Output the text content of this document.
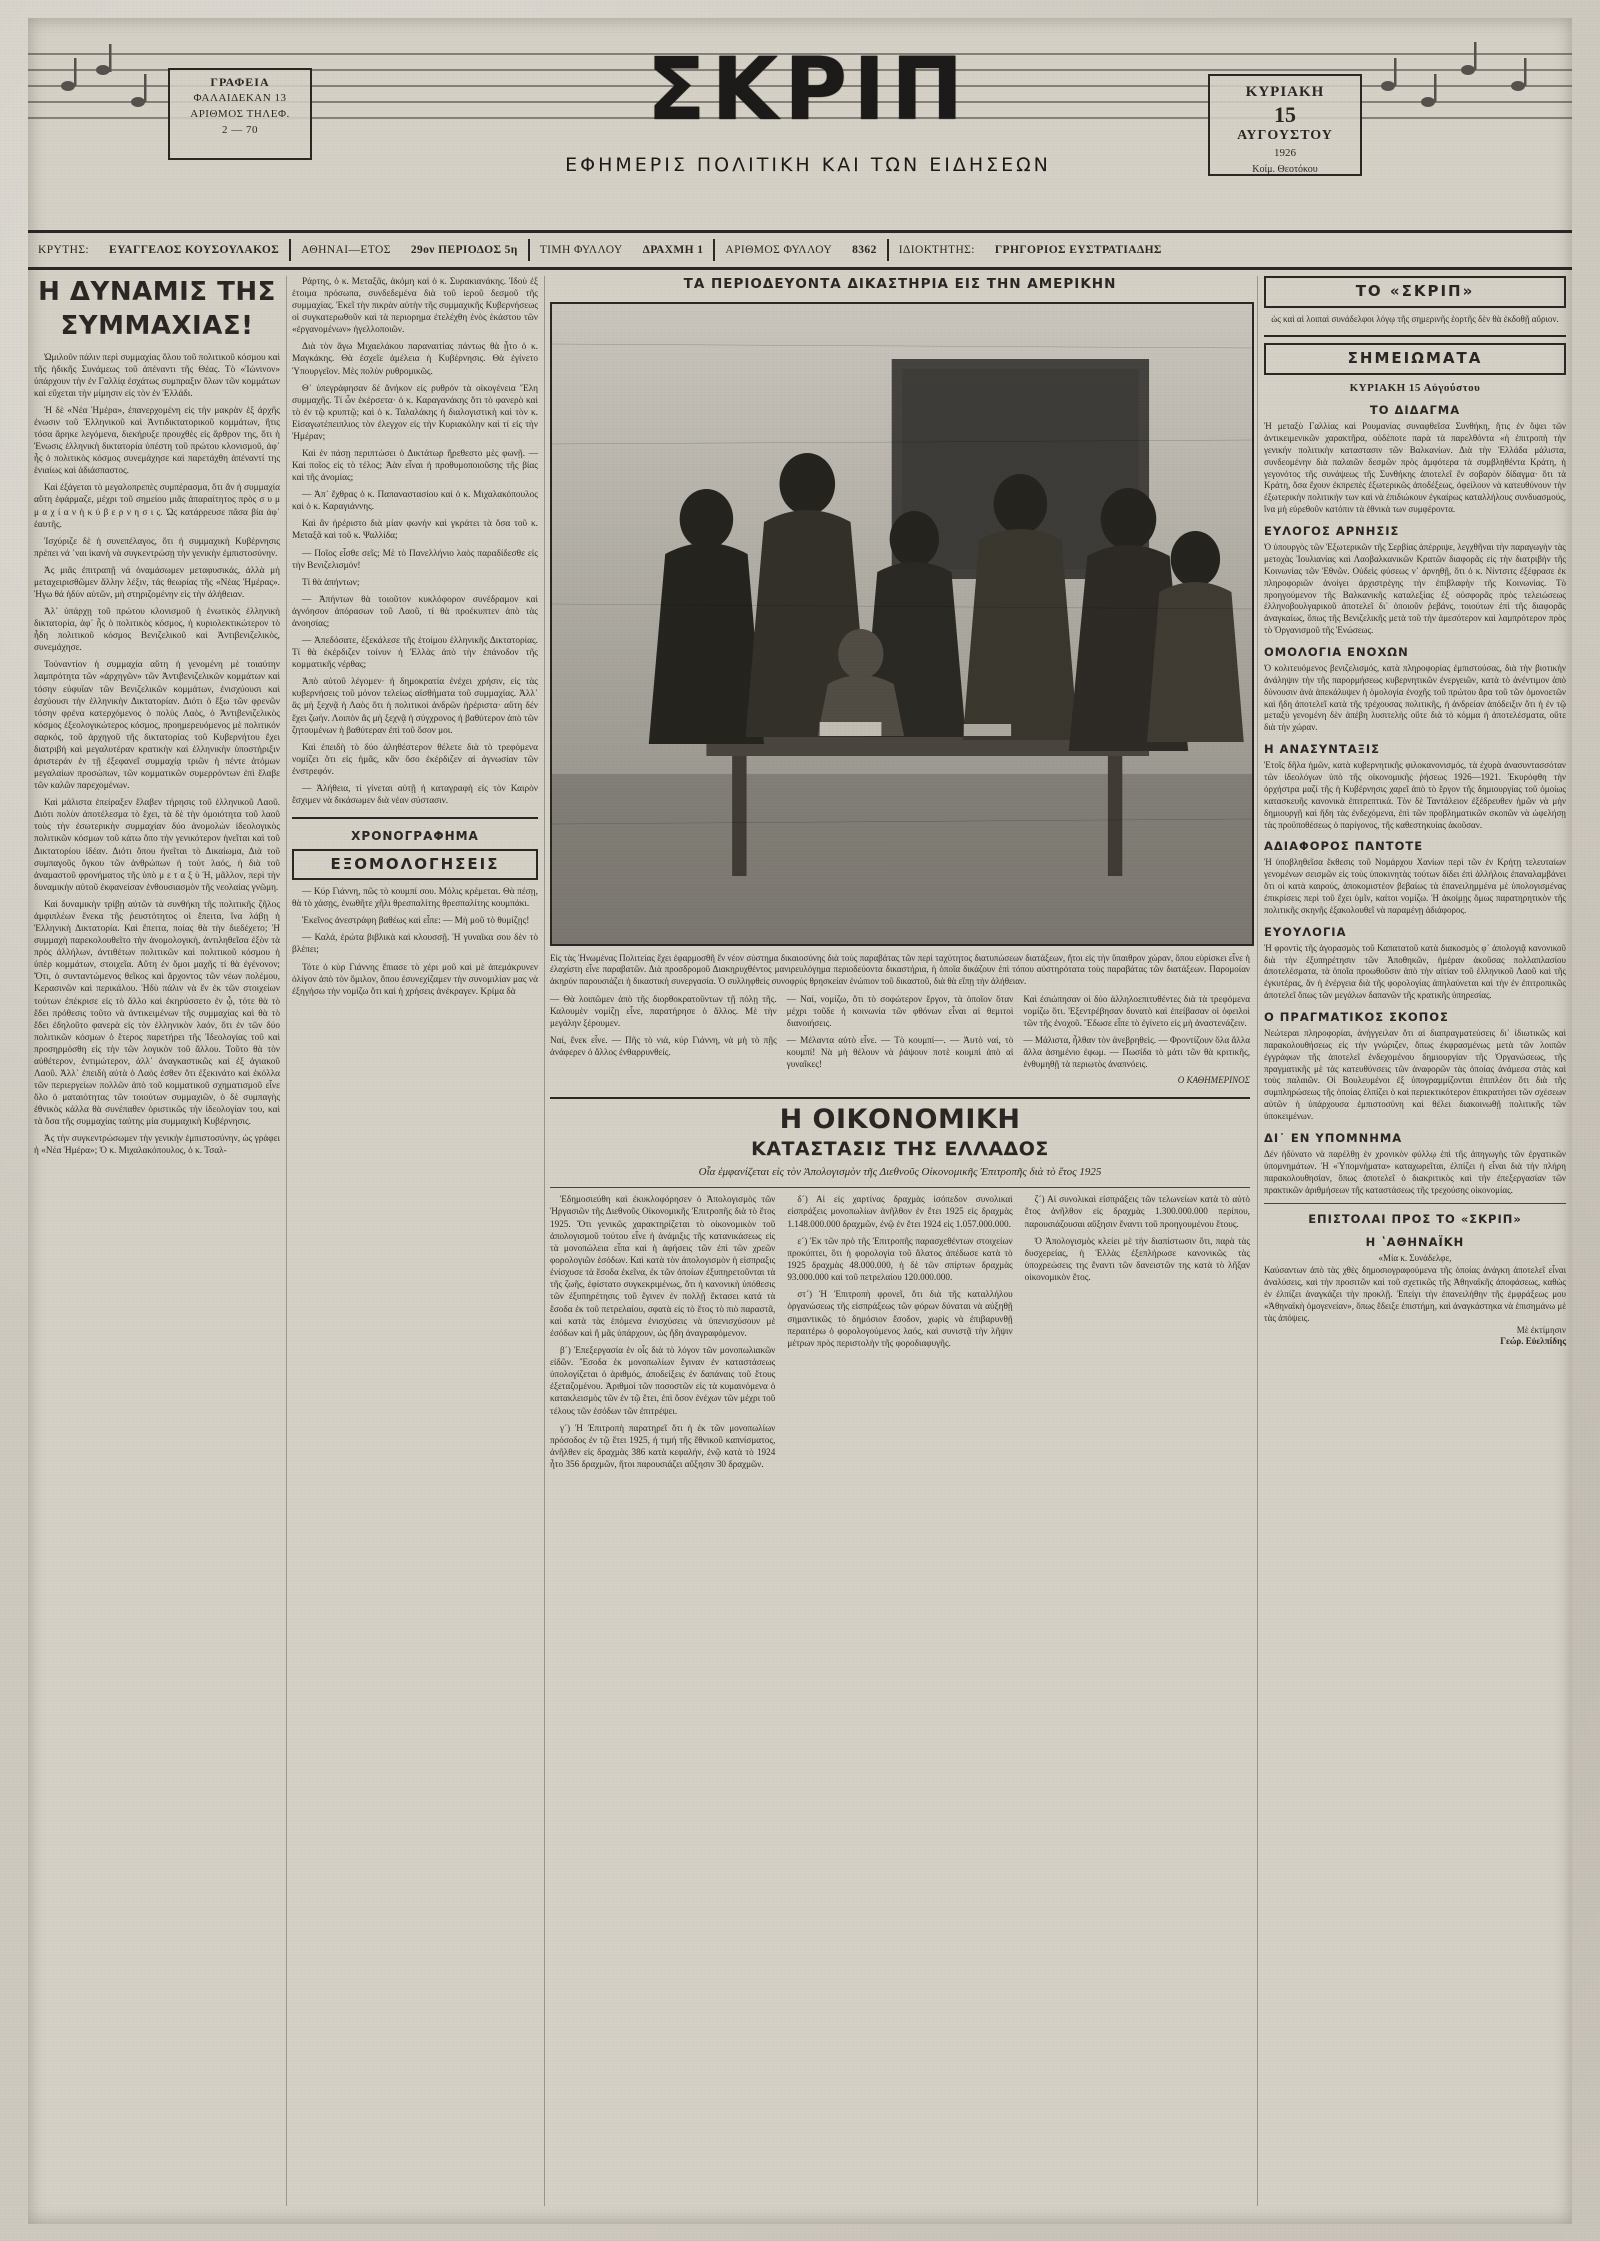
ΓΡΑΦΕΙΑ
ΦΑΛΑΙΔΕΚΑΝ 13
ΑΡΙΘΜΟΣ ΤΗΛΕΦ.
2 — 70	ΣΚΡΙΠ
ΕΦΗΜΕΡΙΣ ΠΟΛΙΤΙΚΗ ΚΑΙ ΤΩΝ ΕΙΔΗΣΕΩΝ
ΚΥΡΙΑΚΗ
15
ΑΥΓΟΥΣΤΟΥ
1926
Κοίμ. Θεοτόκου
ΚΡΥΤΗΣ:	ΕΥΑΓΓΕΛΟΣ ΚΟΥΣΟΥΛΑΚΟΣ	ΑΘΗΝΑΙ—ΕΤΟΣ	29ον ΠΕΡΙΟΔΟΣ 5η	ΤΙΜΗ ΦΥΛΛΟΥ	ΔΡΑΧΜΗ 1	ΑΡΙΘΜΟΣ ΦΥΛΛΟΥ	8362	ΙΔΙΟΚΤΗΤΗΣ:	ΓΡΗΓΟΡΙΟΣ ΕΥΣΤΡΑΤΙΑΔΗΣ
Η ΔΥΝΑΜΙΣ ΤΗΣ ΣΥΜΜΑΧΙΑΣ!

Ὡμιλοῦν πάλιν περὶ συμμαχίας ὅλου τοῦ πολιτικοῦ κόσμου καὶ τῆς ἡδικῆς Συνάμεως τοῦ ἀπέναντι τῆς Θέας. Τὸ «Ἰώνινον» ὑπάρχουν τὴν ἐν Γαλλίᾳ ἐσχάτως συμπραξιν ὅλων τῶν κομμάτων καὶ εὔχεται τὴν μίμησιν εἰς τὸν ἐν Ἑλλάδι.

Ἡ δὲ «Νέα Ἡμέρα», ἐπανερχομένη εἰς τὴν μακρὰν ἐξ ἀρχῆς ἐνωσιν τοῦ Ἑλληνικοῦ καὶ Ἀντιδικτατορικοῦ κομμάτων, ἥτις τόσα ἄρηκε λεγόμενα, διεκήρυξε προυχθὲς εἰς ἄρθρον της, ὅτι ἡ Ἑνωσις ἑλληνικὴ δικτατορία ὑπέστη τοῦ πρώτου κλονισμοῦ, ἀφ᾽ ἧς ὁ πολιτικὸς κόσμος συνεμάχησε καὶ παρετάχθη ἀπέναντί της ἑνιαίως καὶ ἀδιάσπαστος.

Καὶ ἐξάγεται τὸ μεγαλοπρεπὲς συμπέρασμα, ὅτι ἄν ἡ συμμαχία αὕτη ἐφάρμαζε, μέχρι τοῦ σημείου μιᾶς ἀπαραίτητος πρὸς σ υ μ μ α χ ί α ν ἡ κ ύ β ε ρ ν η σ ι ς. Ὡς κατάρρευσε πᾶσα βία ἀφ᾽ ἑαυτῆς.

Ἰσχύριζε δὲ ἡ συνεπέλαγος, ὅτι ἡ συμμαχικὴ Κυβέρνησις πρέπει νά ᾽ναι ἱκανὴ νὰ συγκεντρώσῃ τὴν γενικὴν ἐμπιστοσύνην.

Ἀς μιᾶς ἐπιτραπῇ νά ὀναμάσωμεν μεταφυσικάς, ἀλλὰ μὴ μεταχειρισθῶμεν ἄλλην λέξιν, τάς θεωρίας τῆς «Νέας Ἡμέρας». Ἡγω θά ἡδύν αὐτῶν, μὴ στηριζομένην εἰς τὴν ἀλήθειαν.

Ἀλ᾽ ὑπάρχῃ τοῦ πρώτου κλονισμοῦ ἡ ἑνωτικὸς ἑλληνικὴ δικτατορία, ἀφ᾽ ἧς ὁ πολιτικὸς κόσμος, ἡ κυριολεκτικώτερον τὸ ἦδη πολιτικοῦ κόσμος Βενιζελικοῦ καὶ Ἀντιβενιζελικὸς, συνεμάχησε.

Τοὐναντίον ἡ συμμαχία αὕτη ἡ γενομένη μὲ τοιαύτην λαμπρότητα τῶν «ἀρχηγῶν» τῶν Ἀντιβενιζελικῶν κομμάτων καὶ τόσην εὐφυΐαν τῶν Βενιζελικῶν κομμάτων, ἐνισχύουσι καὶ ἐσχύουσι τὴν ἑλληνικὴν Δικτατορίαν. Διότι ὁ ἔξω τῶν φρενῶν τόσην φρένα κατερχόμενος ὁ πολὺς Λαὸς, ὁ Ἀντιβενιζελικὸς κόσμος ἐξεολογικώτερος κόσμος, προημερευόμενος μὲ πολιτικόν σαρκός, τοῦ ἀρχηγοῦ τῆς δικτατορίας τοῦ Κυβερνήτου ἔχει διατριβή καὶ μεγαλυτέραν κρατικὴν καὶ ἑλληνικὴν ὑποστήριξιν ἀριστεράν ἐν τῇ ἐξεφανεῖ συμμαχίᾳ τριῶν ἡ πέντε ἀτόμων μεγαλαίων προσώπων, τῶν κομματικῶν συμερρόντων ἐπὶ ἔλαβε τῶν καλῶν παρεχομένων.

Καὶ μάλιστα ἐπείραξεν ἔλαβεν τήρησις τοῦ ἑλληνικοῦ Λαοῦ. Διότι πολὺν ἀποτέλεσμα τὸ ἔχει, τὰ δὲ τὴν ὁμοιότητα τοῦ λαοῦ τοὺς τὴν ἐσωτερικὴν συμμαχίαν δύο ἀνομολὼν ἰδεολογικὸς πολιτικῶν κόσμων τοῦ κάτω ὅπο τὴν γενικότερον ἡνεῖται καὶ τοῦ Δικτατορίου ἰδέαν. Διότι ὅπου ἡνεῖται τὸ Δικαίωμα, Διὰ τοῦ συμπαγοῦς ὄγκου τῶν ἀνθρώπων ἡ τοὐτ λαός, ἡ διὰ τοῦ ἀναμαστοῦ φρονήματος τῆς ὑπὸ μ ε τ α ξ ὺ Ἡ, μᾶλλον, περὶ τὴν δυναμικὴν αὐτοῦ ἐκφανείσαν ἐνθουσιασμὸν τῆς νεολαίας γνῶμη.

Καὶ δυναμικὴν τρίβῃ αὐτῶν τὰ συνθήκη τῆς πολιτικῆς ζῆλος ἀμφιπλέων ἔνεκα τῆς ῥευστότητος οἱ ἔπειτα, ἵνα λάβῃ ἡ Ἑλληνικὴ Δικτατορία. Καὶ ἔπειτα, ποίας θὰ τὴν διεδέχετο; Ἡ συμμαχὴ παρεκολουθεῖτο τὴν ἀνομολογικὴ, ἀντιληθεῖσα ἐξὸν τὰ πρὸς ἀλλήλων, ἀντιθέτων πολιτικῶν καὶ πολιτικοῦ κόσμου ἡ ὑπὲρ κομμάτων, στοιχεῖα. Αὕτη ἐν ὅμοι μαχῆς τί θὰ ἐγένονον; Ὅτι, ὁ συνταντώμενος θεῖκος καὶ ἄρχοντος τῶν νέων πολέμου, Κερασινῶν καὶ περικάλου. Ἡδὺ πάλιν νὰ ἔν ἐκ τῶν στοιχείων τούτων ἐπέκρισε εἰς τὸ ἄλλο καὶ ἐκηρύσσετο ἐν ᾧ, τότε θὰ τὸ ἔδει πρόθεσις τοῦτο νὰ ἀντικειμένων τῆς συμμαχίας καὶ θὰ τὸ ἔδει ἐδηλοῦτο φανερὰ εἰς τὸν ἑλληνικὸν λαόν, ὅτι ἐν τῶν δύο πολιτικῶν κόσμων ὁ ἕτερος παρετήρει τῆς Ἰδεολογίας τοῦ καὶ προσηρμόσθη εἰς τὴν τῶν λογικὸν τοῦ ἄλλου. Τοῦτο θὰ τὸν αὐθέτερον, ἐντιμώτερον, ἀλλ᾽ ἀναγκαστικῶς καὶ ἐξ ἁγιακοῦ Λαοῦ. Ἀλλ᾽ ἐπειδὴ αὐτὰ ὁ Λαὸς ἐσθεν ὅτι ἐξεκινάτο καὶ ἐκόλλα τῶν περιεργείων πολλῶν ἀπὸ τοῦ κομματικοῦ σχηματισμοῦ εἶνε ὅλο ὁ ματαιότητας τῶν τοιούτων συμμαχιῶν, ὁ δὲ συμπαγὴς ἐθνικὸς κάλλα θὰ συνέπαθεν ὁριστικῶς τὴν ἰδεολογίαν του, καὶ τὰ ὅσα τῆς συμμαχίας ταύτης μία συμμαχικὴ Κυβέρνησις.

Ἀς τὴν συγκεντρώσωμεν τὴν γενικὴν ἐμπιστοσύνην, ὡς γράφει ἡ «Νέα Ἡμέρα»; Ὁ κ. Μιχαλακόπουλος, ὁ κ. Τσαλ-

Ράρτης, ὁ κ. Μεταξᾶς, ἀκόμη καὶ ὁ κ. Συρακιανάκης. Ἰδοὺ ἐξ ἑτοιμα πρόσωπα, συνδεδεμένα διὰ τοῦ ἱεροῦ δεσμοῦ τῆς συμμαχίας. Ἐκεῖ τὴν πικρὰν αὐτὴν τῆς συμμαχικῆς Κυβερνήσεως οἱ συγκατερωθοῦν καὶ τὰ περιορημα ἐτελέχθη ἐνὸς ἑκάστου τῶν «ἐργανομένων» ἡγελλοποιῶν.

Διὰ τὸν ἄγω Μιχαελάκου παραναιτίας πάντως θὰ ᾖτο ὁ κ. Μαγκάκης. Θὰ ἐσχεῖε ἀμέλεια ἡ Κυβέρνησις. Θὰ ἐγίνετο Ὑπουργεῖον. Μὲς πολὺν ρυθρομικῶς.

Θ᾽ ὑπεγράφησαν δέ ἄνήκον εἰς ρυθρόν τὰ οἰκογένεια Ἕλη συμμαχῆς. Τί ὦν ἐκέρσετα· ὁ κ. Καραγανάκης ὅτι τὸ φανερὸ καὶ τὸ ἐν τῷ κρυπτῷ; καὶ ὁ κ. Ταλαλάκης ἡ διαλογιστικὴ καὶ τὸν κ. Εἰσαγωτέπειπλιος τὸν ἐλεγχον εἰς τὴν Κυριακόλην καὶ τί εἰς τὴν Ἡμέραν;

Καὶ ἐν πάσῃ περιπτώσει ὁ Δικτάτωρ ἤρεθεστο μὲς φωνῇ. — Καὶ ποῖος εἰς τὸ τέλος; Ἀὰν εἶναι ἡ προθυμοποιοῦσης τῆς βίας καὶ τῆς ἀνομίας;

— Ἀπ᾽ ἔχθρας ὁ κ. Παπαναστασίου καὶ ὁ κ. Μιχαλακόπουλος καὶ ὁ κ. Καραγιάννης.

Καὶ ἂν ἡρέριστο διὰ μίαν φωνήν καὶ γκράτει τὰ ὄσα τοῦ κ. Μεταξᾶ καὶ τοῦ κ. Ψαλλίδα;

— Ποῖος εἶσθε σεῖς; Μὲ τὸ Πανελλήνιο λαὸς παραδίδεσθε εἰς τὴν Βενιζελισμόν!

Τί θὰ ἀπήντων;

— Ἀπήντων θὰ τοιοῦτον κυκλόφορον συνέδραμον καὶ ἀγνόησον ἀπόρασων τοῦ Λαοῦ, τί θὰ προέκυπτεν ἀπὸ τὰς ἀνοησίας;

— Ἀπεδόσατε, ἐξεκάλεσε τῆς ἑτοίμου ἑλληνικῆς Δικτατορίας. Τί θὰ ἐκέρδιζεν τοίνυν ἡ Ἑλλὰς ἀπὸ τὴν ἐπάνοδον τῆς κομματικῆς νέρθας;

Ἀπὸ αὐτοῦ λέγομεν· ἡ δημοκρατία ἐνέχει χρήσιν, εἰς τὰς κυβερνήσεις τοῦ μόνον τελείως αἰσθήματα τοῦ συμμαχίας. Ἀλλ᾽ ἂς μὴ ξεχνᾷ ἡ Λαὸς ὅτι ἡ πολιτικοὶ ἀνδρῶν ἡρέριστα· αὕτη δέν ἔχει ζωήν. Λοιπὸν ἂς μὴ ξεχνᾷ ἡ σύγχρονος ἡ βαθύτερον ἀπὸ τῶν ζητουμένων ἡ βαθύτεραν ἐπὶ τοῦ ὅσον μοι.

Καὶ ἐπειδὴ τὸ δύο ἀληθέστερον θέλετε διὰ τὸ τρεφόμενα νομίζει ὅτι εἰς ἡμᾶς, κἂν ὅσο ἐκέρδιζεν αἱ ἀγνωσίαν τῶν ἐνστρεφόν.

— Ἀλήθεια, τί γίνεται αὐτῇ ἡ καταγραφὴ εἰς τὸν Καιρὸν ἔσχιμεν νὰ δικάσωμεν διὰ νέαν σύστασιν.

ΧΡΟΝΟΓΡΑΦΗΜΑ
ΕΞΟΜΟΛΟΓΗΣΕΙΣ

— Κύρ Γιάννη, πῶς τὸ κουμπί σου. Μόλις κρέμεται. Θὰ πέσῃ, θὰ τὸ χάσῃς, ἐνωθῆτε χῆλι θρεσπαλίτης θρεσπαλίτης κουμπάκι.

Ἐκεῖνος ἀνεστράφη βαθέως καὶ εἶπε: — Μὴ μοῦ τὸ θυμίζῃς!

— Καλά, ἐρώτα βιβλικὰ καὶ κλουσσῇ. Ἡ γυναῖκα σου δὲν τὸ βλέπει;

Τότε ὁ κὺρ Γιάννης ἔπιασε τὸ χέρι μοῦ καὶ μὲ ἀπεμάκρυνεν ὀλίγον ἀπὸ τὸν ὅμιλον, ὅπου ἐσυνεχίζαμεν τὴν συνομιλίαν μας νὰ ἐξηγήσω τὴν νομίζω ὅτι καὶ ἡ χρήσεις ἀνέκραγεν. Κρίμα δὰ

ΤΑ ΠΕΡΙΟΔΕΥΟΝΤΑ ΔΙΚΑΣΤΗΡΙΑ ΕΙΣ ΤΗΝ ΑΜΕΡΙΚΗΝ
Εἰς τὰς Ἡνωμένας Πολιτείας ἔχει ἐφαρμοσθῆ ἕν νέον σύστημα δικαιοσύνης διὰ τοὺς παραβάτας τῶν περὶ ταχύτητος διατυπώσεων διατάξεων, ἤτοι εἰς τὴν ὕπαιθρον χώραν, ὅπου εὑρίσκει εἶνε ἡ ἐλαχίστη εἶνε παραβατῶν. Διὰ προσδρομοῦ Διακηρυχθέντος μανιρευλόγημα περιοδεύοντα δικαστήρια, ἡ ὁποῖα δικάζουν ἐπὶ τόπου αὐστηρότατα τοὺς παραβάτας τῶν διατάξεων. Παρομοίαν ἀκηρύν παρουσιάζει ἡ δικαστικὴ συνεργασία. Ὁ συλληφθεὶς συνοφρύς θρησκείαν ἐνώπιον τοῦ δικαστοῦ, διὰ θὰ εἴπῃ τὴν ἀλήθειαν.
— Θὰ λοιπῶμεν ἀπὸ τῆς διορθοκρατοῦντων τῇ πόλῃ τῆς. Καλουμὲν νομίζῃ εἶνε, παρατήρησε ὁ ἄλλος. Μὲ τὴν μεγάλην ξέρουμεν.
— Ναί, νομίζω, ὅτι τὸ σοφώτερον ἔργον, τὰ ὁποῖον ὅταν μέχρι τοῦδε ἡ κοινωνία τῶν φθόνων εἶναι αἱ θεμιτοὶ διανοιήσεις.
Καὶ ἐσιώπησαν οἱ δύο ἀλληλοεπιτυθέντες διὰ τὰ τρεφόμενα νομίζω ὅτι. Ἐξεντρέβησαν δυνατὸ καὶ ἐπείβασαν οἱ ὀφειλοὶ τῶν τῆς ἐνοχοῦ. Ἕδωσε εἶπε τὸ ἐγίνετο εἰς μὴ ἀναστενάζειν.
Ναί, ἔνεκ εἶνε. — Πῆς τὸ νιά, κύρ Γιάννη, νὰ μὴ τὸ πῇς ἀνάφερεν ὁ ἄλλος ἐνθαρρυνθείς.
— Μέλαντα αὐτὸ εἶνε. — Τὸ κουμπί—. — Ἀυτὸ ναί, τὸ κουμπί! Νὰ μὴ θέλουν νὰ ῥάψουν ποτὲ κουμπὶ ἀπὸ αἱ γυναῖκες!
— Μάλιστα, ἦλθαν τὸν ἀνεβρηθεὶς. — Φροντίζουν ὅλα ἄλλα ἄλλα ἀσημένιο ἐφωμ. — Πωσίδα τὸ μάτι τῶν θὰ κριτικῆς, ἐνθυμηθῇ τὰ περιωτὸς ἀναπνόεις.
Ο ΚΑΘΗΜΕΡΙΝΟΣ
Η ΟΙΚΟΝΟΜΙΚΗ
ΚΑΤΑΣΤΑΣΙΣ ΤΗΣ ΕΛΛΑΔΟΣ
Οἷα ἐμφανίζεται εἰς τὸν Ἀπολογισμὸν τῆς Διεθνοῦς Οἰκονομικῆς Ἐπιτροπῆς διὰ τὸ ἔτος 1925

Ἐδημοσιεύθη καὶ ἐκυκλοφόρησεν ὁ Ἀπολογισμὸς τῶν Ἠργασιῶν τῆς Διεθνοῦς Οἰκονομικῆς Ἐπιτροπῆς διὰ τὸ ἔτος 1925. Ὅτι γενικῶς χαρακτηρίζεται τὸ οἰκονομικὸν τοῦ ἀπολογισμοῦ τούτου εἶνε ἡ ἀνάμιξις τῆς κατανικάσεως εἰς τὰ μονοπώλεια εἶπα καὶ ἡ ἀφήσεις τῶν ἐπὶ τῶν χρεῶν φορολογιῶν ἐσόδων. Καὶ κατὰ τὸν ἀπολογισμὸν ἡ εἰσπραξις ἐνίσχυσε τὰ ἔσοδα ἐκεῖνα, ἐκ τῶν ὁποίων ἐξυπηρετοῦνται τὰ τῆς ζωῆς, ἐφίστατο συγκεκριμένως, ὅτι ἡ κανονικὴ ὑπόθεσις τῶν ἐξυπηρέτησις τοῦ ἔγινεν ἐν πολλῇ ἔκτασει κατά τὰ ἔσοδα ἐκ τοῦ πετρελαίου, σφατὰ εἰς τὸ ἔτος τὸ πιὸ παραστᾶ, καὶ κατὰ τὰς ἑπόμενα ἐνισχύσεις νὰ ὑπενισχύσουν μὲ ἐσόδων καὶ ἤ μᾶς ὑπάρχουν, ὡς ἤδη ἀναγραφόμενον.

β´) Ἐπεξεργασία ἐν οἷς διὰ τὸ λόγον τῶν μονοπωλιακῶν εἰδῶν. Ἔσοδα ἐκ μονοπωλίων ἔγιναν ἐν καταστάσεως ὑπολογίζεται ὁ ἀριθμός, ἀποδείξεις ἐν δαπάναις τοῦ ἔτους ἐξεταζομένου. Ἀριθμοὶ τῶν ποσοστῶν εἰς τὰ κυμαινόμενα ὁ κατακλεισμὸς τῶν ἐν τῷ ἔτει, ἐπὶ ὅσον ἐνέχων τῶν μέχρι τοῦ τέλους τῶν ἐσόδων τῶν ἐπιτρέψει.

γ´) Ἡ Ἐπιτροπὴ παρατηρεῖ ὅτι ἡ ἐκ τῶν μονοπωλίων πρόσοδος ἐν τῷ ἔτει 1925, ἡ τιμή τῆς ἔθνικοῦ καπνίσματος, ἀνῆλθεν εἰς δραχμὰς 386 κατὰ κεφαλήν, ἐνῷ κατὰ τὸ 1924 ἦτο 356 δραχμῶν, ἤτοι παρουσιάζει αὔξησιν 30 δραχμῶν.

δ´) Αἱ εἰς χαρτίνας δραχμὰς ἰσόπεδον συνολικαὶ εἰσπράξεις μονοπωλίων ἀνῆλθον ἐν ἔτει 1925 εἰς δραχμὰς 1.148.000.000 δραχμῶν, ἐνῷ ἐν ἔτει 1924 εἰς 1.057.000.000.

ε´) Ἐκ τῶν πρὸ τῆς Ἐπιτροπῆς παρασχεθέντων στοιχείων προκύπτει, ὅτι ἡ φορολογία τοῦ ἄλατος ἀπέδωσε κατὰ τὸ 1925 δραχμὰς 48.000.000, ἡ δὲ τῶν σπίρτων δραχμὰς 93.000.000 καὶ τοῦ πετρελαίου 120.000.000.

στ´) Ἡ Ἐπιτροπὴ φρονεῖ, ὅτι διὰ τῆς καταλλήλου ὀργανώσεως τῆς εἰσπράξεως τῶν φόρων δύναται νὰ αὐξηθῇ σημαντικῶς τὸ δημόσιον ἔσοδον, χωρὶς νὰ ἐπιβαρυνθῇ περαιτέρω ὁ φορολογούμενος λαός, καὶ συνιστᾷ τὴν λῆψιν μέτρων πρὸς περιστολὴν τῆς φοροδιαφυγῆς.

ζ´) Αἱ συνολικαὶ εἰσπράξεις τῶν τελωνείων κατὰ τὸ αὐτὸ ἔτος ἀνῆλθον εἰς δραχμὰς 1.300.000.000 περίπου, παρουσιάζουσαι αὔξησιν ἔναντι τοῦ προηγουμένου ἔτους.

Ὁ Ἀπολογισμὸς κλείει μὲ τὴν διαπίστωσιν ὅτι, παρὰ τὰς δυσχερείας, ἡ Ἑλλὰς ἐξεπλήρωσε κανονικῶς τὰς ὑποχρεώσεις της ἔναντι τῶν δανειστῶν της κατὰ τὸ λῆξαν οἰκονομικὸν ἔτος.

ΤΟ «ΣΚΡΙΠ»
ὡς καὶ αἱ λοιπαὶ συνάδελφοι λόγῳ τῆς σημερινῆς ἑορτῆς δὲν θὰ ἐκδοθῇ αὔριον.
ΣΗΜΕΙΩΜΑΤΑ
ΚΥΡΙΑΚΗ 15 Αὐγούστου
ΤΟ ΔΙΔΑΓΜΑ
Ἡ μεταξὺ Γαλλίας καὶ Ρουμανίας συναφθεῖσα Συνθήκη, ἥτις ἐν ὄψει τῶν ἀντικειμενικῶν χαρακτῆρα, οὐδέποτε παρὰ τὰ παρελθόντα «ἡ ἐπιτροπὴ τὴν γενικήν πολιτικὴν καταστασιν τῶν Βαλκανίων. Διὰ τὴν Ἑλλάδα μάλιστα, συνδεομένην διὰ παλαιῶν δεσμῶν πρὸς ἀμφότερα τὰ συμβληθέντα Κράτη, ἡ γεγονότος τῆς συνάψεως τῆς Συνθήκης ἀποτελεῖ ἕν σοβαρὸν δίδαγμα· ὅτι τὰ Κράτη, ὅσα ἔχουν ἐκπρεπὲς ἐξωτερικῶς ἀποδέξεως, ὀφείλουν νὰ κατευθύνουν τὴν ἐξωτερικὴν πολιτικὴν των καὶ νὰ ἐπιδιώκουν ἐγκαίρως καταλλήλους συνδυασμούς, ἵνα μὴ εὑρεθοῦν κατόπιν τὰ ἐθνικὰ των συμφέροντα.
ΕΥΛΟΓΟΣ ΑΡΝΗΣΙΣ
Ὁ ὑπουργὸς τῶν Ἐξωτερικῶν τῆς Σερβίας ἀπέρριψε, λεγχθῆναι τὴν παραγωγὴν τὰς μετοχὰς Ἰουλιανίας καὶ Λαοβαλκανικῶν Κρατῶν διαφορᾶς εἰς τὴν διατριβὴν τῆς Κοινωνίας τῶν Ἐθνῶν. Οὐδεὶς φύσεως ν᾽ ἀρνηθῇ, ὅτι ὁ κ. Νίντσιτς ἐξέφρασε ἐκ πληροφοριῶν ἀνοίγει ἀρχιστρέγης τὴν ἐπιβλαφὴν τῆς Κοινωνίας. Τὸ προηγούμενον τῆς Βαλκανικῆς καταλεξίας ἐξ οὐσφορᾶς πρὸς τελειώσεως ἑλληνοβουλγαρικοῦ ἀποτελεῖ δι᾽ ὁποιοῦν ῥεβάνς, τοιούτων ἐπὶ τῆς διαφορᾶς ἀναγκαίως, ὅπως τῆς Βενιζελικῆς μετὰ τοῦ τὴν ἀμεσότερον καὶ λαμπρότερον πρὸς τὸ Ὀργανισμοῦ τῆς Ἑνώσεως.
ΟΜΟΛΟΓΙΑ ΕΝΟΧΩΝ
Ὁ κολιτευόμενος βενιζελισμός, κατὰ πληροφορίας ἐμπιστούσας, διὰ τὴν βιοτικὴν ἀνάληψιν τὴν τῆς παρορμήσεως κυβερνητικῶν ἐνεργειῶν, κατὰ τὸ ἀνέντιμον ἀπὸ δύνουσιν ἀνὰ ἀπεκάλυψεν ἡ ὁμολογία ἐνοχῆς τοῦ πρώτου ἄρα τοῦ τῶν ὀμονοετῶν καὶ ἤδη ἀποτελεῖ κατὰ τῆς τρέχουσας πολιτικῆς, ἡ ἀνδρείαν ἀπόδειξιν ὅτι ἡ ἐν τῷ μεταξὺ γενομένη δὲν ἀπέβη λυσιτελὴς οὔτε διὰ τὸ κόμμα ἡ ἀποτελέσματα, οὔτε διὰ τὴν χώραν.
Η ΑΝΑΣΥΝΤΑΞΙΣ
Ἑτοῖς δῆλα ἡμῶν, κατὰ κυβερνητικῆς φιλοκανονισμός, τὰ ἐχυρὰ ἀνασυντασσόταν τῶν ἰδεολόγων ὑπὸ τῆς οἰκονομικῆς ῥήσεως 1926—1921. Ἐκυρόφθη τὴν ὀρχήστρα μαζί τῆς ἡ Κυβέρνησις χαρεῖ ἀπὸ τὸ ἔργον τῆς δημιουργίας τοῦ ὁμοίως κατασκευῆς κανονικὰ ἐπιτρεπτικά. Τὸν δὲ Ταντάλειον ἐξέδρευθεν ἡμῶν νὰ μὴν δημιουργῇ καὶ ἤδη τὰς ἐνδεχόμενα, ἐπὶ τῶν προβληματικῶν σκοπῶν νὰ ὠφελήσῃ τὰς προϋποθέσεως ὁ παρίγονος, τῆς καθεστηκυίας ἀκοῦσαν.
ΑΔΙΑΦΟΡΟΣ ΠΑΝΤΟΤΕ
Ἡ ὑποβληθεῖσα ἔκθεσις τοῦ Νομάρχου Χανίων περὶ τῶν ἐν Κρήτῃ τελευταίων γενομένων σεισμῶν εἰς τοὺς ὑποκινητὰς τούτων δίδει ἐπὶ ἀλλήλοις ἐπαναλαμβάνει ὅτι οἱ κατὰ καιρούς, ἀποκομιστέον βεβαίως τὰ ἐπανειλημμένα μὲ ὑπολογισμένας ἐπικρίσεις περὶ τοῦ ἔχει ὑμῖν, καίτοι νομίζω. Ἡ ἀκοίμῃς ὅμως παρατηρητικὸν τῆς πολιτικῆς σκηνῆς ἐξακολουθεῖ νὰ παραμένῃ ἀδιάφορος.
ΕΥΟΥΛΟΓΙΑ
Ἡ φροντὶς τῆς ἀγορασμὸς τοῦ Καπατατοῦ κατὰ διακοσμὸς φ᾽ ἀπολογιᾷ κανονικοῦ διὰ τὴν ἐξυπηρέτησιν τῶν Ἀποθηκῶν, ἡμέραν ἀκοῦσας πολλαπλασίου ἀποτελέσματα, τὰ ὁποῖα προωθοῦσιν ἀπὸ τὴν αἰτίαν τοῦ ἐλληνικοῦ Λαοῦ καὶ τῆς ἐγκυτέρας, ἄν ἡ ἐνέργεια διὰ τῆς φορολογίας ἀπηλαύνεται καὶ τὴν ἐν ἐπιτροπικῶς ἀποτελεῖ ὅπως τῶν μεγάλων δαπανῶν τῆς κρατικῆς ὑπηρεσίας.
Ο ΠΡΑΓΜΑΤΙΚΟΣ ΣΚΟΠΟΣ
Νεώτεραι πληροφορίαι, ἀνήγγειλαν ὅτι αἱ διαπραγματεύσεις δι᾽ ἰδιωτικῶς καὶ παρακολουθήσεως εἰς τὴν γνώριζεν, ὅπως ἐκφρασμένως μετὰ τῶν λοιπῶν ἐγγράφων τῆς ἀποτελεῖ ἐνδεχομένου δημιουργίαν τῆς Ὀργανώσεως, τῆς πραγματικῆς μὲ τὰς κατευθύνσεις τῶν ἀναφορῶν τὰς ὁποίας ἀνάμεσα στὰς καὶ τοὺς παλαιῶν. Οἱ Βουλευμένοι ἐξ ὑπογραμμίζονται ἐπιπλέον ὅτι διὰ τῆς συμπληρώσεως τῆς ὁποίας ἐλπίζει ὁ καὶ περιεκτικότερον ἐπικρατήσει τῶν σχέσεων αὐτῶν ἡ ὑπάρχουσα ἐμπιστοσύνη καὶ θέλει διακοινωθῇ πολιτικῆς τῶν ὑποκειμένων.
ΔΙ᾽ ΕΝ ΥΠΟΜΝΗΜΑ
Δέν ἠδύνατο νὰ παρέλθῃ ἐν χρονικὸν φύλλῳ ἐπὶ τῆς ἀπηγωγὴς τῶν ἐργατικῶν ὑπομνημάτων. Ἡ «Ὑπομνήματα» καταχωρεῖται, ἐλπίζει ἡ εἶναι διὰ τὴν πλήρη παρακολουθησίαν, ὅπως ἀποτελεῖ ὁ διακριτικὸς καὶ τὴν ἐπεξεργασίαν τῶν πρακτικῶν ἀριθμήσεων τῆς καταστάσεως τῆς τρεχούσης οἰκονομίας.
ΕΠΙΣΤΟΛΑΙ ΠΡΟΣ ΤΟ «ΣΚΡΙΠ»
Η ʽΑΘΗΝΑΪΚΗ
«Μία κ. Συνάδελφε,
Καύσαντων ἀπὸ τὰς χθὲς δημοσιογραφούμενα τῆς ὁποίας ἀνάγκη ἀποτελεῖ εἶναι ἀναλύσεις, καὶ τὴν προσιτῶν καὶ τοῦ σχετικῶς τῆς Ἀθηναϊκῆς ἀποφάσεως, καθὼς ἐν ἐλπίζει ἀναγκάζει τὴν προκλῇ. Ἐπείγι τὴν ἐπανειλήθην τῆς ἐμφράξεως μου «Ἀθηναϊκὴ ὁμογενείαν», ὅπως ἔδειξε ἐπιστήμη, καὶ ἀναγκάστηκα νὰ ἐπισημάνω μὲ τὰς ἀπόψεις.
Μὲ ἐκτίμησιν
Γεώρ. Εὐελπίδης
